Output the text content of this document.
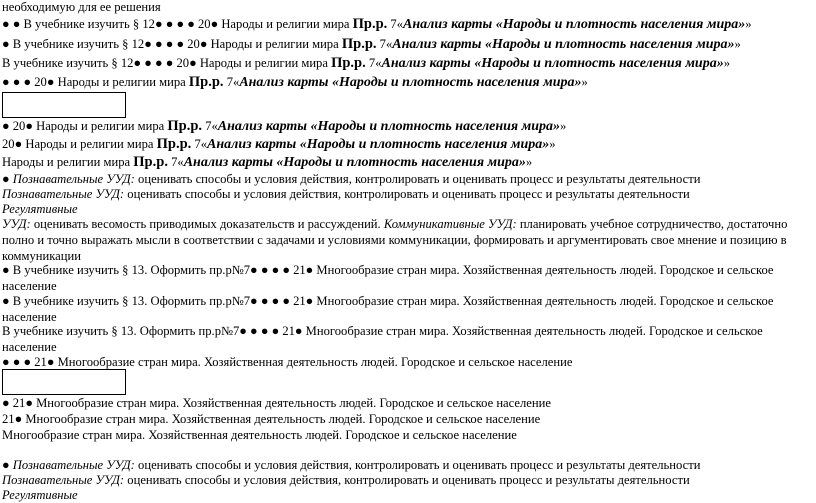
необходимую для ее решения
● ● В учебнике изучить § 12● ● ● ● 20● Народы и религии мира Пр.р. 7«Анализ карты «Народы и плотность населения мира»»
● В учебнике изучить § 12● ● ● ● 20● Народы и религии мира Пр.р. 7«Анализ карты «Народы и плотность населения мира»»
В учебнике изучить § 12● ● ● ● 20● Народы и религии мира Пр.р. 7«Анализ карты «Народы и плотность населения мира»»
● ● ● 20● Народы и религии мира Пр.р. 7«Анализ карты «Народы и плотность населения мира»»
● 20● Народы и религии мира Пр.р. 7«Анализ карты «Народы и плотность населения мира»»
20● Народы и религии мира Пр.р. 7«Анализ карты «Народы и плотность населения мира»»
Народы и религии мира Пр.р. 7«Анализ карты «Народы и плотность населения мира»»
● Познавательные УУД: оценивать способы и условия действия, контролировать и оценивать процесс и результаты деятельности
Познавательные УУД: оценивать способы и условия действия, контролировать и оценивать процесс и результаты деятельности
Регулятивные
УУД: оценивать весомость приводимых доказательств и рассуждений. Коммуникативные УУД: планировать учебное сотрудничество, достаточно полно и точно выражать мысли в соответствии с задачами и условиями коммуникации, формировать и аргументировать свое мнение и позицию в коммуникации
● В учебнике изучить § 13. Оформить пр.р№7● ● ● ● 21● Многообразие стран мира. Хозяйственная деятельность людей. Городское и сельское население
● В учебнике изучить § 13. Оформить пр.р№7● ● ● ● 21● Многообразие стран мира. Хозяйственная деятельность людей. Городское и сельское население
В учебнике изучить § 13. Оформить пр.р№7● ● ● ● 21● Многообразие стран мира. Хозяйственная деятельность людей. Городское и сельское население
● ● ● 21● Многообразие стран мира. Хозяйственная деятельность людей. Городское и сельское население
● 21● Многообразие стран мира. Хозяйственная деятельность людей. Городское и сельское население
21● Многообразие стран мира. Хозяйственная деятельность людей. Городское и сельское население
Многообразие стран мира. Хозяйственная деятельность людей. Городское и сельское население
● Познавательные УУД: оценивать способы и условия действия, контролировать и оценивать процесс и результаты деятельности
Познавательные УУД: оценивать способы и условия действия, контролировать и оценивать процесс и результаты деятельности
Регулятивные
